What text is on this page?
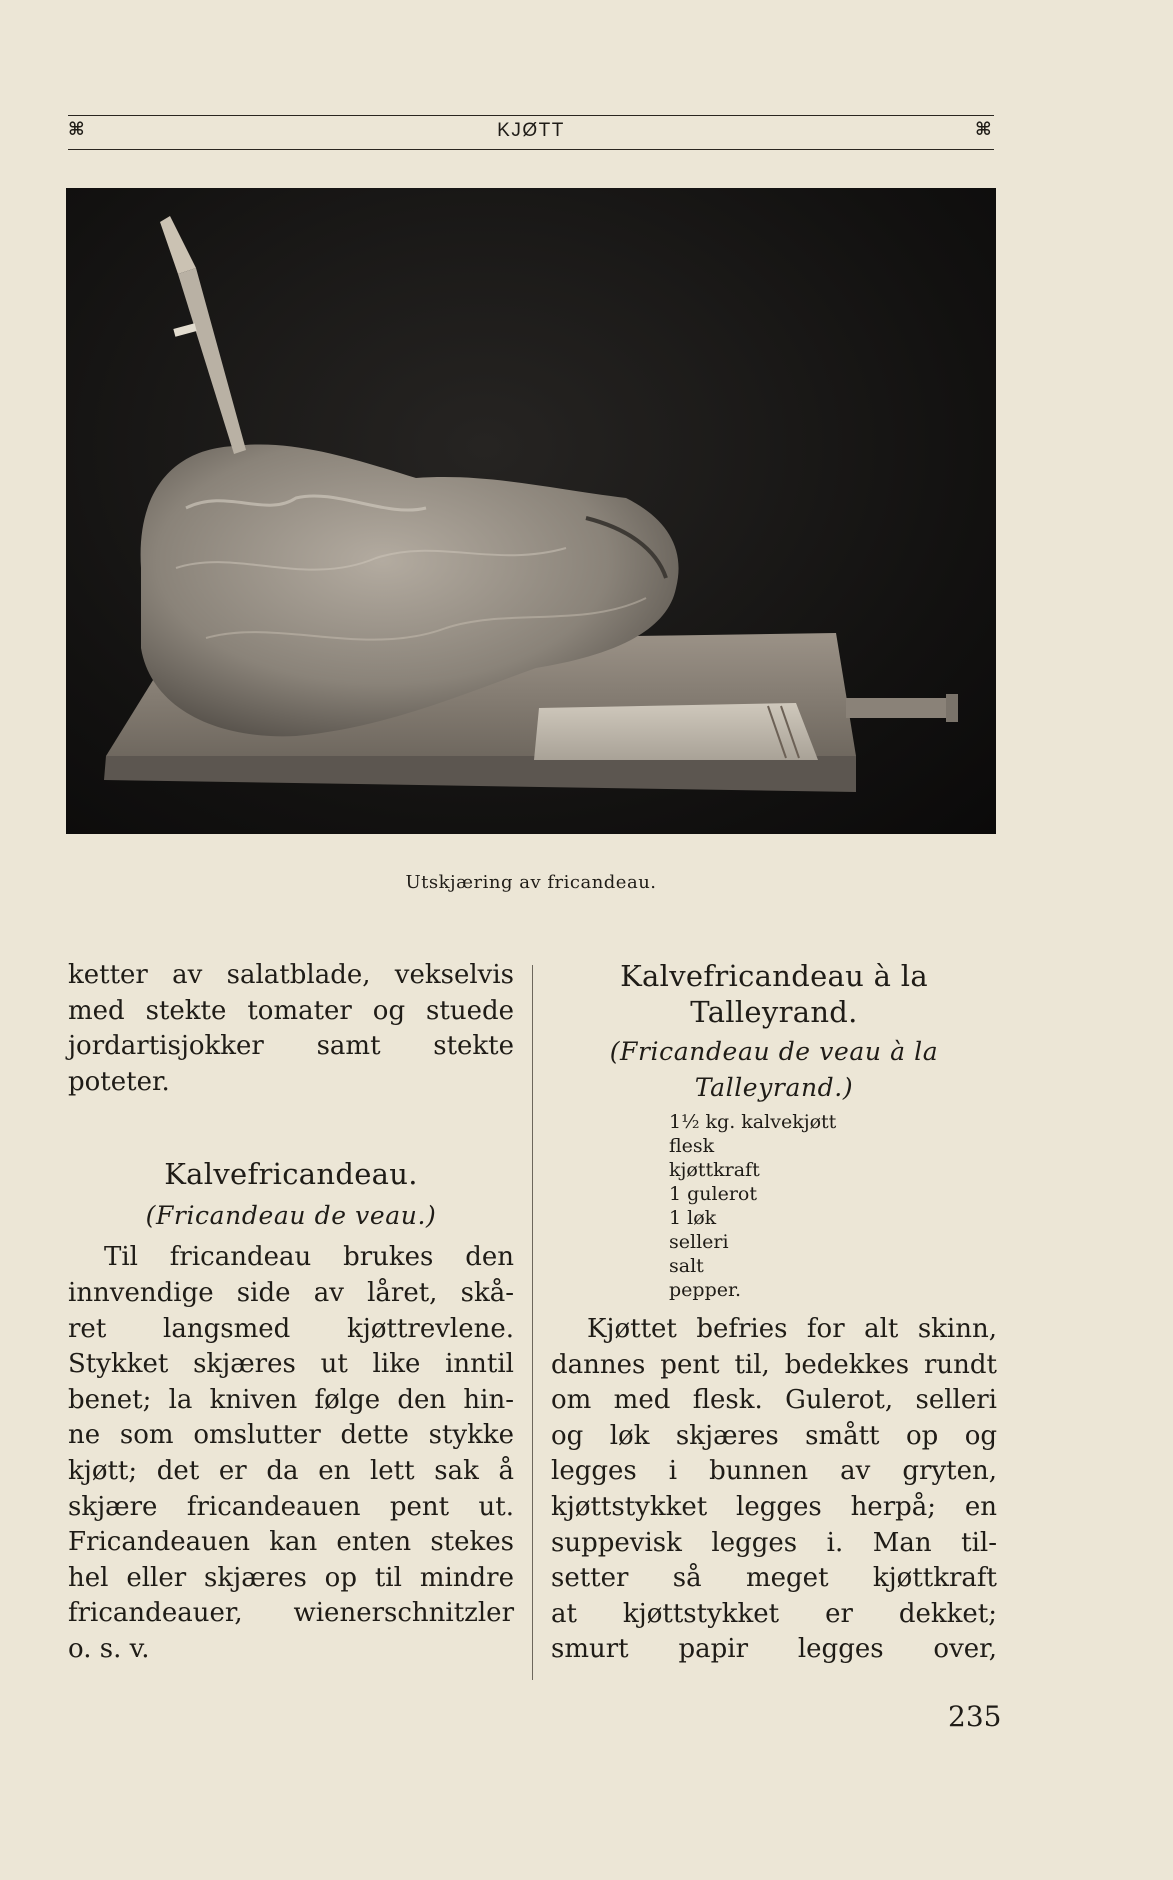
⌘	KJØTT	⌘
Utskjæring av fricandeau.
ketter av salatblade, vekselvis
med stekte tomater og stuede
jordartisjokker samt stekte
poteter.
Kalvefricandeau.
(Fricandeau de veau.)
Til fricandeau brukes den
innvendige side av låret, skå-
ret langsmed kjøttrevlene.
Stykket skjæres ut like inntil
benet; la kniven følge den hin-
ne som omslutter dette stykke
kjøtt; det er da en lett sak å
skjære fricandeauen pent ut.
Fricandeauen kan enten stekes
hel eller skjæres op til mindre
fricandeauer, wienerschnitzler
o. s. v.
Kalvefricandeau à la
Talleyrand.
(Fricandeau de veau à la
Talleyrand.)
1½ kg. kalvekjøtt
flesk
kjøttkraft
1 gulerot
1 løk
selleri
salt
pepper.
Kjøttet befries for alt skinn,
dannes pent til, bedekkes rundt
om med flesk. Gulerot, selleri
og løk skjæres smått op og
legges i bunnen av gryten,
kjøttstykket legges herpå; en
suppevisk legges i. Man til-
setter så meget kjøttkraft
at kjøttstykket er dekket;
smurt papir legges over,
235
